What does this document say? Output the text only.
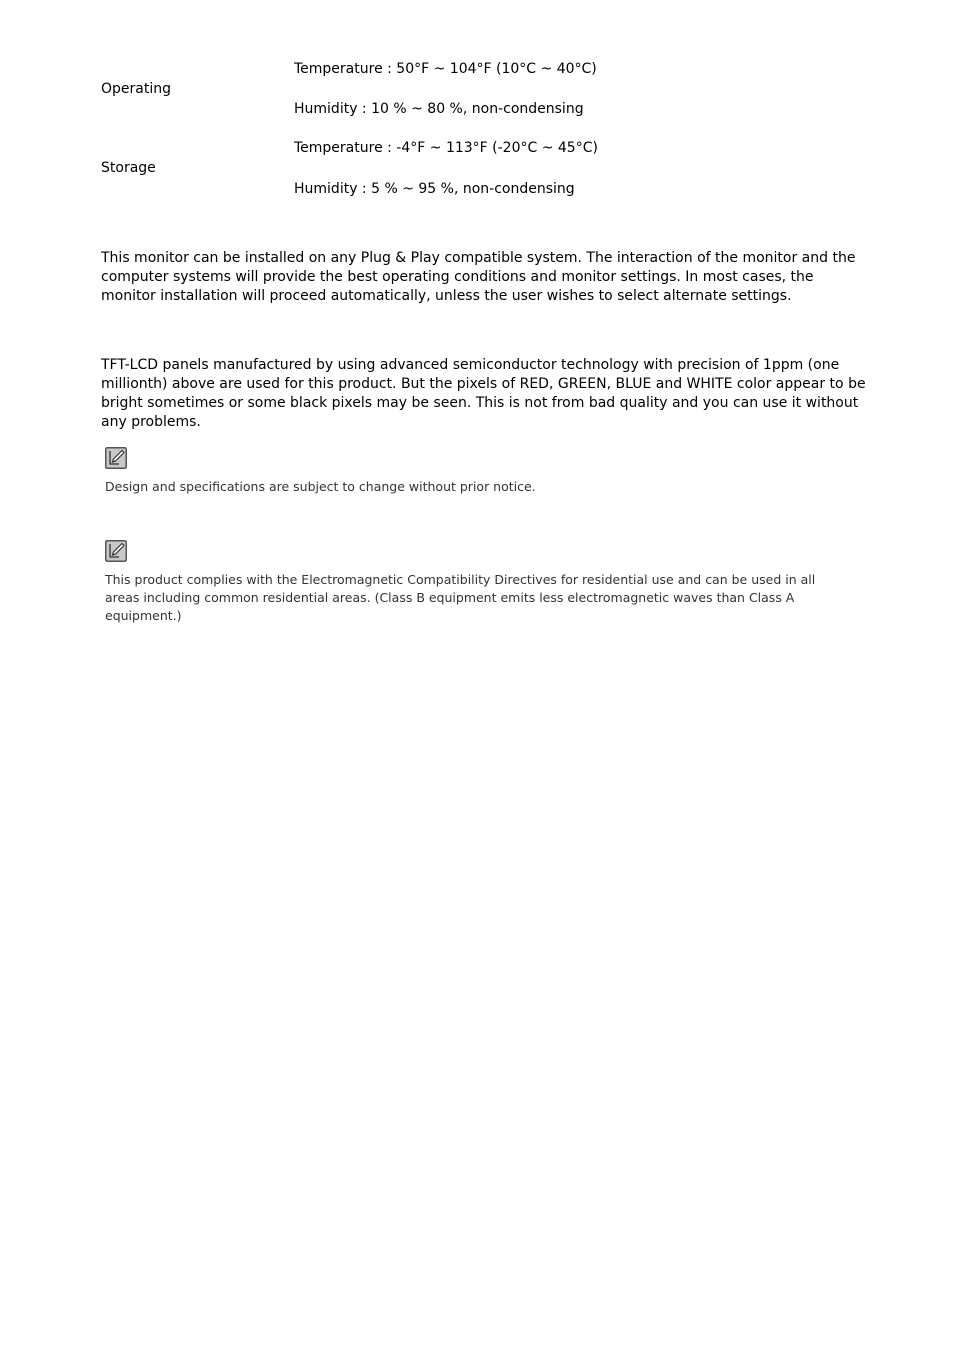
Temperature : 50°F ~ 104°F (10°C ~ 40°C)
Operating
Humidity : 10 % ~ 80 %, non-condensing
Temperature : -4°F ~ 113°F (-20°C ~ 45°C)
Storage
Humidity : 5 % ~ 95 %, non-condensing
This monitor can be installed on any Plug & Play compatible system. The interaction of the monitor and the computer systems will provide the best operating conditions and monitor settings. In most cases, the monitor installation will proceed automatically, unless the user wishes to select alternate settings.
TFT-LCD panels manufactured by using advanced semiconductor technology with precision of 1ppm (one millionth) above are used for this product. But the pixels of RED, GREEN, BLUE and WHITE color appear to be bright sometimes or some black pixels may be seen. This is not from bad quality and you can use it without any problems.
Design and specifications are subject to change without prior notice.
This product complies with the Electromagnetic Compatibility Directives for residential use and can be used in all areas including common residential areas. (Class B equipment emits less electromagnetic waves than Class A equipment.)
